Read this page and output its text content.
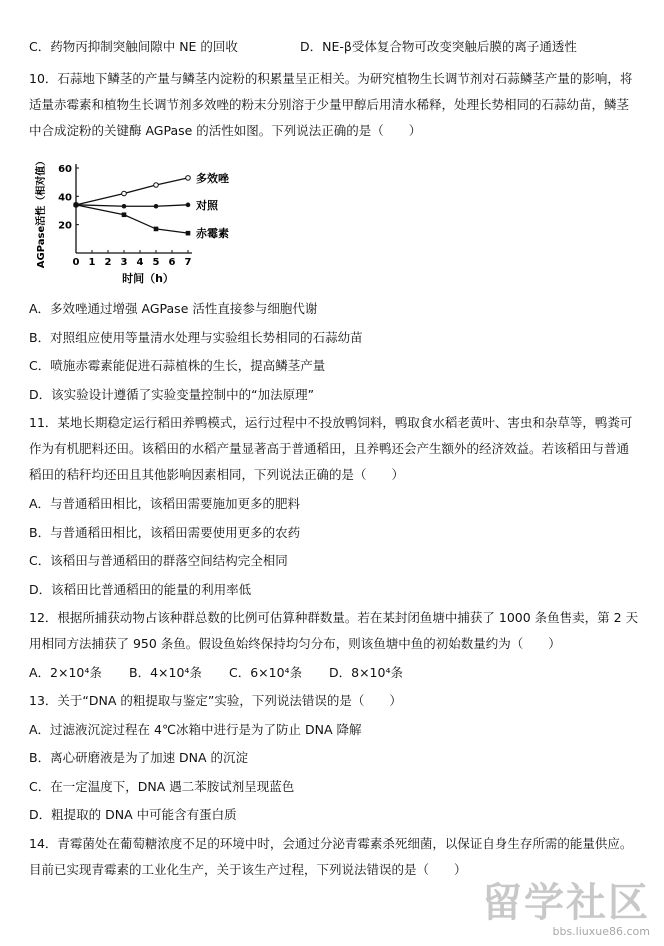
C．药物丙抑制突触间隙中 NE 的回收	D．NE-β受体复合物可改变突触后膜的离子通透性
10．石蒜地下鳞茎的产量与鳞茎内淀粉的积累量呈正相关。为研究植物生长调节剂对石蒜鳞茎产量的影响，将
适量赤霉素和植物生长调节剂多效唑的粉末分别溶于少量甲醇后用清水稀释，处理长势相同的石蒜幼苗，鳞茎
中合成淀粉的关键酶 AGPase 的活性如图。下列说法正确的是（　　）
0 1 2 3 4 5 6 7
20
40
60
多效唑
对照
赤霉素
AGPase活性（相对值）
时间（h）
A．多效唑通过增强 AGPase 活性直接参与细胞代谢
B．对照组应使用等量清水处理与实验组长势相同的石蒜幼苗
C．喷施赤霉素能促进石蒜植株的生长，提高鳞茎产量
D．该实验设计遵循了实验变量控制中的“加法原理”
11．某地长期稳定运行稻田养鸭模式，运行过程中不投放鸭饲料，鸭取食水稻老黄叶、害虫和杂草等，鸭粪可
作为有机肥料还田。该稻田的水稻产量显著高于普通稻田，且养鸭还会产生额外的经济效益。若该稻田与普通
稻田的秸秆均还田且其他影响因素相同，下列说法正确的是（　　）
A．与普通稻田相比，该稻田需要施加更多的肥料
B．与普通稻田相比，该稻田需要使用更多的农药
C．该稻田与普通稻田的群落空间结构完全相同
D．该稻田比普通稻田的能量的利用率低
12．根据所捕获动物占该种群总数的比例可估算种群数量。若在某封闭鱼塘中捕获了 1000 条鱼售卖，第 2 天
用相同方法捕获了 950 条鱼。假设鱼始终保持均匀分布，则该鱼塘中鱼的初始数量约为（　　）
A．2×10⁴条 B．4×10⁴条 C．6×10⁴条 D．8×10⁴条
13．关于“DNA 的粗提取与鉴定”实验，下列说法错误的是（　　）
A．过滤液沉淀过程在 4℃冰箱中进行是为了防止 DNA 降解
B．离心研磨液是为了加速 DNA 的沉淀
C．在一定温度下，DNA 遇二苯胺试剂呈现蓝色
D．粗提取的 DNA 中可能含有蛋白质
14．青霉菌处在葡萄糖浓度不足的环境中时，会通过分泌青霉素杀死细菌，以保证自身生存所需的能量供应。
目前已实现青霉素的工业化生产，关于该生产过程，下列说法错误的是（　　）
留学社区
bbs.liuxue86.com
